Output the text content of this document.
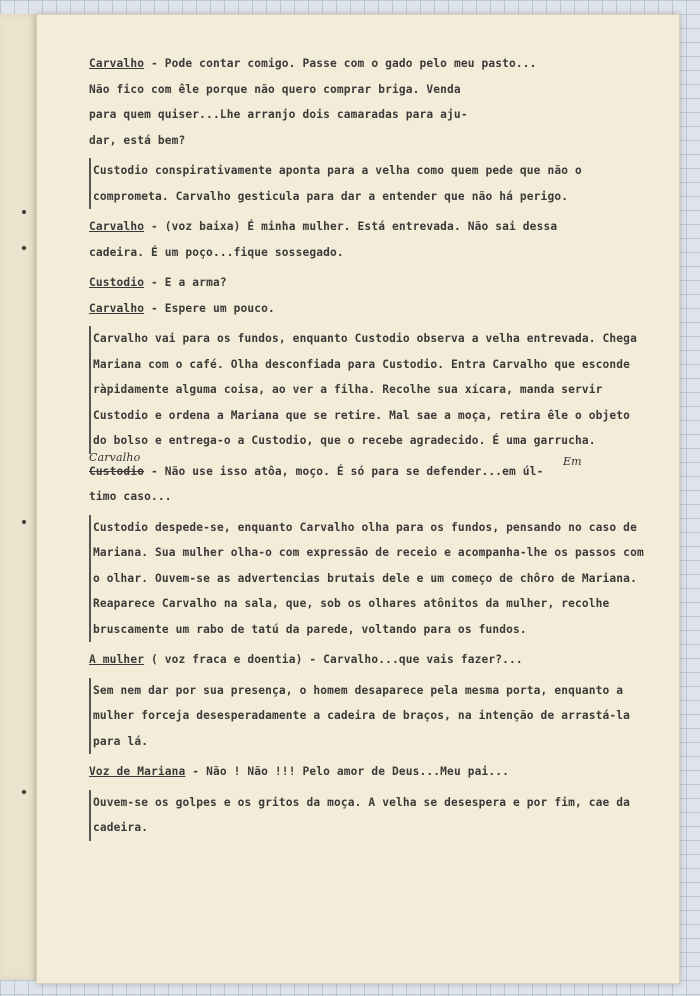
Carvalho - Pode contar comigo. Passe com o gado pelo meu pasto...

Não fico com êle porque não quero comprar briga. Venda

para quem quiser...Lhe arranjo dois camaradas para aju-

dar, está bem?

Custodio conspirativamente aponta para a velha como quem pede que não o comprometa. Carvalho gesticula para dar a entender que não há perigo.

Carvalho - (voz baixa) É minha mulher. Está entrevada. Não sai dessa

cadeira. É um poço...fique sossegado.

Custodio - E a arma?

Carvalho - Espere um pouco.

Carvalho vai para os fundos, enquanto Custodio observa a velha entrevada. Chega Mariana com o café. Olha desconfiada para Custodio. Entra Carvalho que esconde ràpidamente alguma coisa, ao ver a filha. Recolhe sua xícara, manda servir Custodio e ordena a Mariana que se retire. Mal sae a moça, retira êle o objeto do bolso e entrega-o a Custodio, que o recebe agradecido. É uma garrucha.

Carvalho
Custodio - Não use isso atôa, moço. É só para se defender...em úl-
Em

timo caso...

Custodio despede-se, enquanto Carvalho olha para os fundos, pensando no caso de Mariana. Sua mulher olha-o com expressão de receio e acompanha-lhe os passos com o olhar. Ouvem-se as advertencias brutais dele e um começo de chôro de Mariana. Reaparece Carvalho na sala, que, sob os olhares atônitos da mulher, recolhe bruscamente um rabo de tatú da parede, voltando para os fundos.

A mulher ( voz fraca e doentia) - Carvalho...que vais fazer?...

Sem nem dar por sua presença, o homem desaparece pela mesma porta, enquanto a mulher forceja desesperadamente a cadeira de braços, na intenção de arrastá-la para lá.

Voz de Mariana - Não ! Não !!! Pelo amor de Deus...Meu pai...

Ouvem-se os golpes e os gritos da moça. A velha se desespera e por fim, cae da cadeira.
